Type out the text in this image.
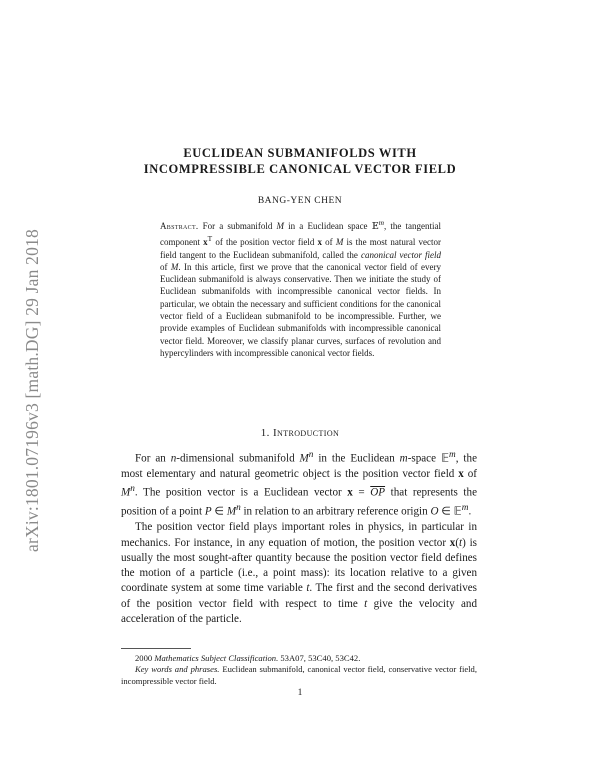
arXiv:1801.07196v3 [math.DG] 29 Jan 2018
EUCLIDEAN SUBMANIFOLDS WITH
INCOMPRESSIBLE CANONICAL VECTOR FIELD
BANG-YEN CHEN
Abstract. For a submanifold M in a Euclidean space 𝔼$^m$, the tangential component $x^T$ of the position vector field x of M is the most natural vector field tangent to the Euclidean submanifold, called the canonical vector field of M. In this article, first we prove that the canonical vector field of every Euclidean submanifold is always conservative. Then we initiate the study of Euclidean submanifolds with incompressible canonical vector fields. In particular, we obtain the necessary and sufficient conditions for the canonical vector field of a Euclidean submanifold to be incompressible. Further, we provide examples of Euclidean submanifolds with incompressible canonical vector field. Moreover, we classify planar curves, surfaces of revolution and hypercylinders with incompressible canonical vector fields.
1. Introduction

For an n-dimensional submanifold $M^n$ in the Euclidean m-space 𝔼$^m$, the most elementary and natural geometric object is the position vector field x of $M^n$. The position vector is a Euclidean vector $x = \overline{OP}$ that represents the position of a point P ∈ $M^n$ in relation to an arbitrary reference origin O ∈ 𝔼$^m$.

The position vector field plays important roles in physics, in particular in mechanics. For instance, in any equation of motion, the position vector x(t) is usually the most sought-after quantity because the position vector field defines the motion of a particle (i.e., a point mass): its location relative to a given coordinate system at some time variable t. The first and the second derivatives of the position vector field with respect to time t give the velocity and acceleration of the particle.

2000 Mathematics Subject Classification. 53A07, 53C40, 53C42.
Key words and phrases. Euclidean submanifold, canonical vector field, conservative vector field, incompressible vector field.
1
